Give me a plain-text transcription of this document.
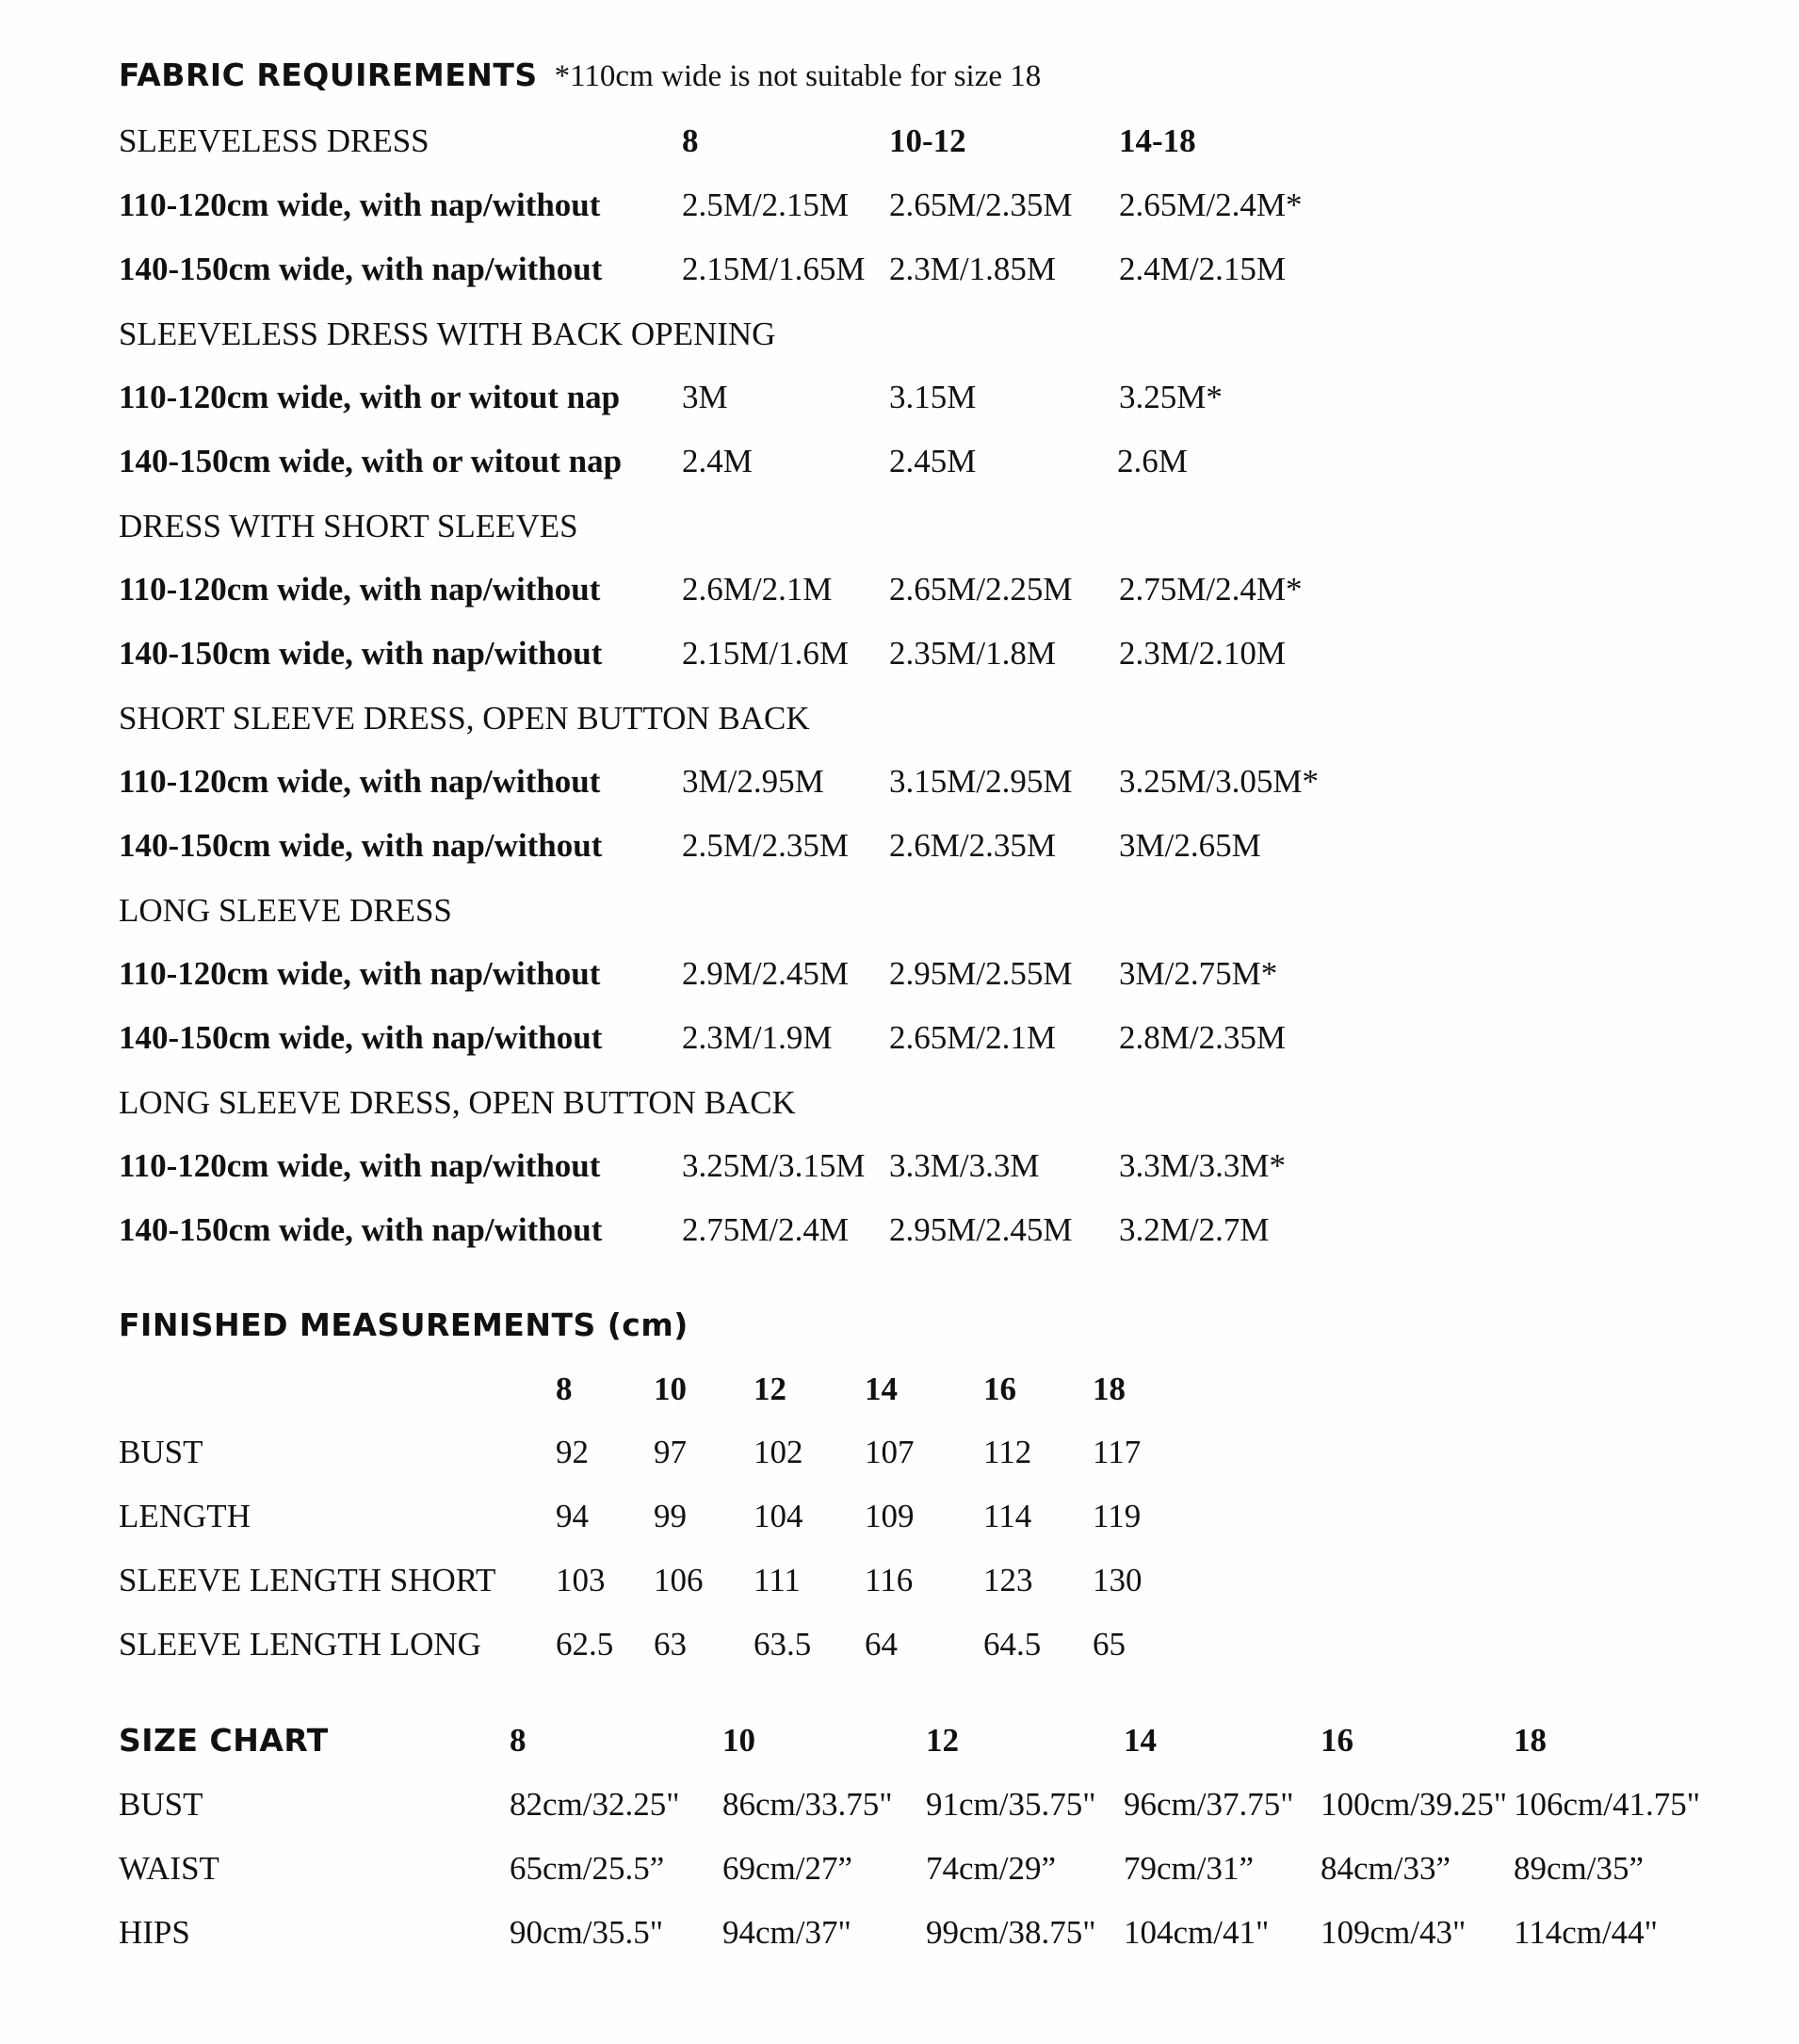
FABRIC REQUIREMENTS *110cm wide is not suitable for size 18
SLEEVELESS DRESS	8	10-12	14-18
110-120cm wide, with nap/without 2.5M/2.15M 2.65M/2.35M 2.65M/2.4M*
140-150cm wide, with nap/without 2.15M/1.65M 2.3M/1.85M 2.4M/2.15M
SLEEVELESS DRESS WITH BACK OPENING
110-120cm wide, with or witout nap 3M	3.15M	3.25M*
140-150cm wide, with or witout nap 2.4M	2.45M	2.6M
DRESS WITH SHORT SLEEVES
110-120cm wide, with nap/without 2.6M/2.1M 2.65M/2.25M 2.75M/2.4M*
140-150cm wide, with nap/without 2.15M/1.6M 2.35M/1.8M 2.3M/2.10M
SHORT SLEEVE DRESS, OPEN BUTTON BACK
110-120cm wide, with nap/without 3M/2.95M 3.15M/2.95M 3.25M/3.05M*
140-150cm wide, with nap/without 2.5M/2.35M 2.6M/2.35M 3M/2.65M
LONG SLEEVE DRESS
110-120cm wide, with nap/without 2.9M/2.45M 2.95M/2.55M 3M/2.75M*
140-150cm wide, with nap/without 2.3M/1.9M 2.65M/2.1M 2.8M/2.35M
LONG SLEEVE DRESS, OPEN BUTTON BACK
110-120cm wide, with nap/without 3.25M/3.15M 3.3M/3.3M 3.3M/3.3M*
140-150cm wide, with nap/without 2.75M/2.4M 2.95M/2.45M 3.2M/2.7M
FINISHED MEASUREMENTS (cm)
8 10 12 14	16 18
BUST	92 97 102 107 112 117
LENGTH	94 99 104 109 114 119
SLEEVE LENGTH SHORT 103 106 111 116 123 130
SLEEVE LENGTH LONG 62.5 63 63.5 64	64.5 65
SIZE CHART	8	10	12	14	16	18
BUST	82cm/32.25" 86cm/33.75" 91cm/35.75" 96cm/37.75" 100cm/39.25" 106cm/41.75"
WAIST	65cm/25.5” 69cm/27” 74cm/29” 79cm/31” 84cm/33” 89cm/35”
HIPS	90cm/35.5" 94cm/37" 99cm/38.75" 104cm/41" 109cm/43" 114cm/44"
